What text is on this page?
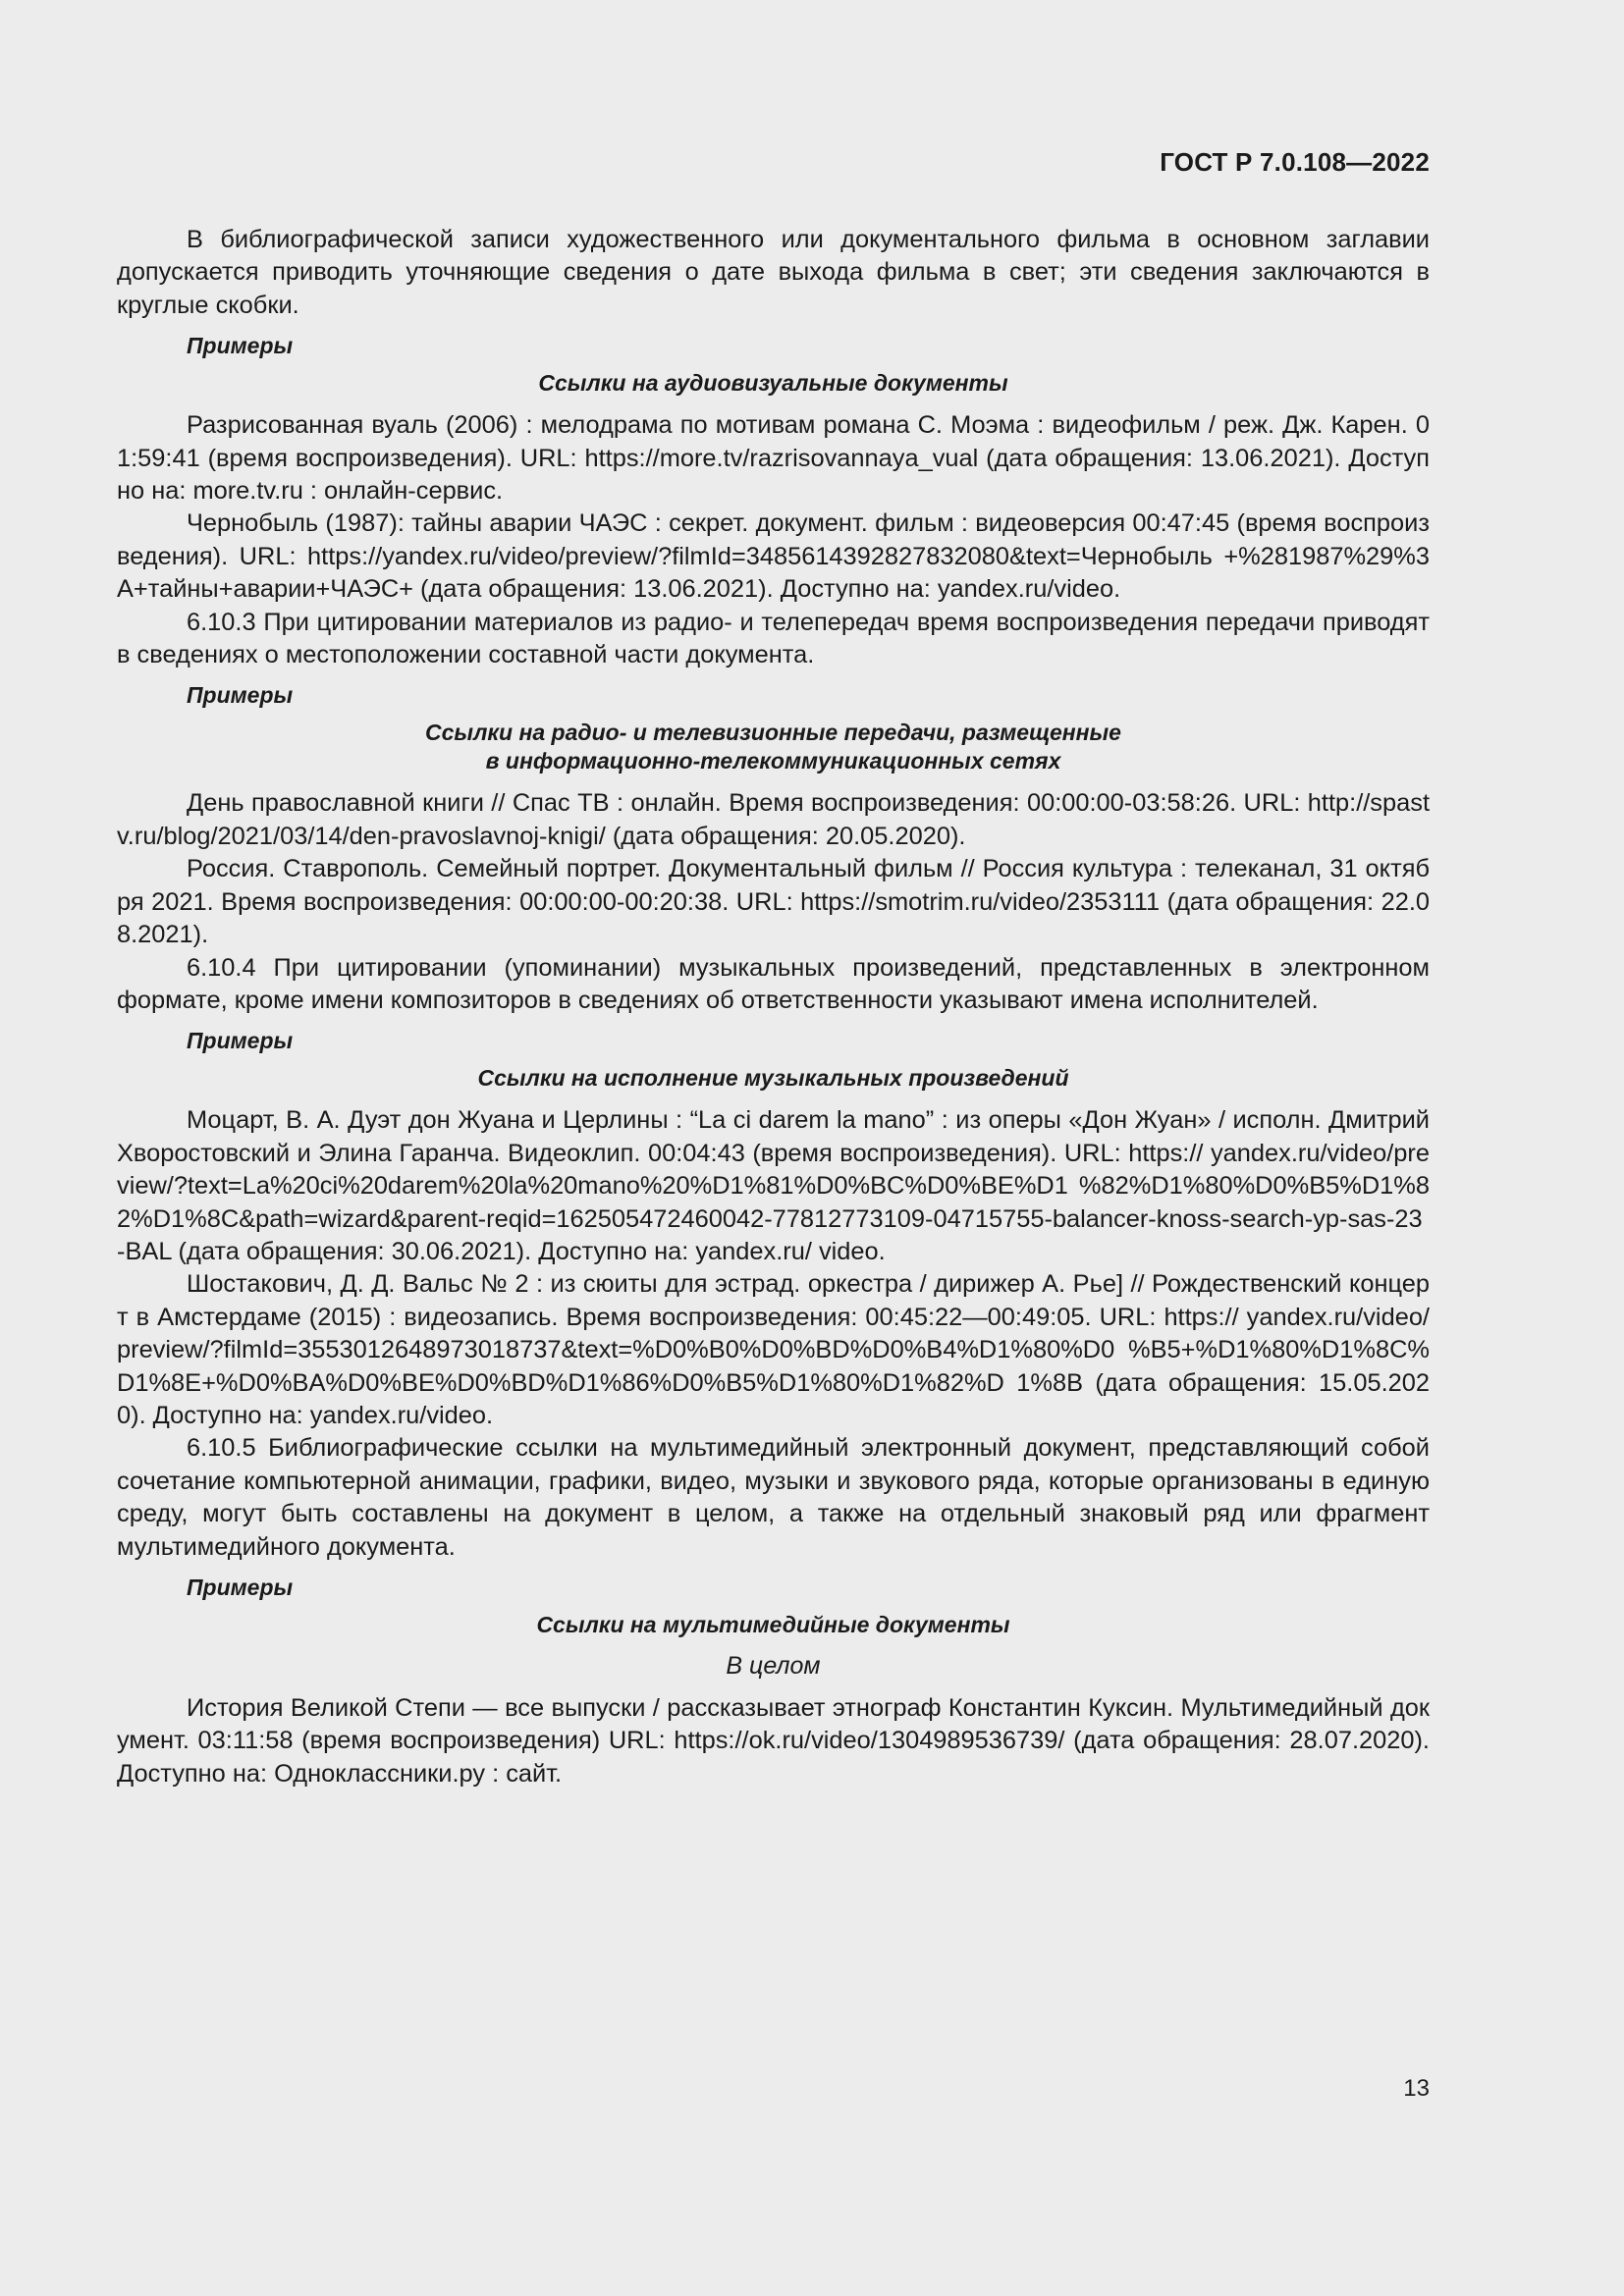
ГОСТ Р 7.0.108—2022

В библиографической записи художественного или документального фильма в основном заглавии допускается приводить уточняющие сведения о дате выхода фильма в свет; эти сведения заключаются в круглые скобки.

Примеры
Ссылки на аудиовизуальные документы

Разрисованная вуаль (2006) : мелодрама по мотивам романа С. Моэма : видеофильм / реж. Дж. Карен. 01:59:41 (время воспроизведения). URL: https://more.tv/razrisovannaya_vual (дата обращения: 13.06.2021). Доступно на: more.tv.ru : онлайн-сервис.

Чернобыль (1987): тайны аварии ЧАЭС : секрет. документ. фильм : видеоверсия 00:47:45 (время воспроизведения). URL: https://yandex.ru/video/preview/?filmId=3485614392827832080&text=Чернобыль +%281987%29%3A+тайны+аварии+ЧАЭС+ (дата обращения: 13.06.2021). Доступно на: yandex.ru/video.

6.10.3 При цитировании материалов из радио- и телепередач время воспроизведения передачи приводят в сведениях о местоположении составной части документа.

Примеры
Ссылки на радио- и телевизионные передачи, размещенные
в информационно-телекоммуникационных сетях

День православной книги // Спас ТВ : онлайн. Время воспроизведения: 00:00:00-03:58:26. URL: http://spastv.ru/blog/2021/03/14/den-pravoslavnoj-knigi/ (дата обращения: 20.05.2020).

Россия. Ставрополь. Семейный портрет. Документальный фильм // Россия культура : телеканал, 31 октября 2021. Время воспроизведения: 00:00:00-00:20:38. URL: https://smotrim.ru/video/2353111 (дата обращения: 22.08.2021).

6.10.4 При цитировании (упоминании) музыкальных произведений, представленных в электронном формате, кроме имени композиторов в сведениях об ответственности указывают имена исполнителей.

Примеры
Ссылки на исполнение музыкальных произведений

Моцарт, В. А. Дуэт дон Жуана и Церлины : “La ci darem la mano” : из оперы «Дон Жуан» / исполн. Дмитрий Хворостовский и Элина Гаранча. Видеоклип. 00:04:43 (время воспроизведения). URL: https:// yandex.ru/video/preview/?text=La%20ci%20darem%20la%20mano%20%D1%81%D0%BC%D0%BE%D1 %82%D1%80%D0%B5%D1%82%D1%8C&path=wizard&parent-reqid=162505472460042-77812773109-04715755-balancer-knoss-search-yp-sas-23-BAL (дата обращения: 30.06.2021). Доступно на: yandex.ru/ video.

Шостакович, Д. Д. Вальс № 2 : из сюиты для эстрад. оркестра / дирижер А. Рье] // Рождественский концерт в Амстердаме (2015) : видеозапись. Время воспроизведения: 00:45:22—00:49:05. URL: https:// yandex.ru/video/preview/?filmId=3553012648973018737&text=%D0%B0%D0%BD%D0%B4%D1%80%D0 %B5+%D1%80%D1%8C%D1%8E+%D0%BA%D0%BE%D0%BD%D1%86%D0%B5%D1%80%D1%82%D 1%8B (дата обращения: 15.05.2020). Доступно на: yandex.ru/video.

6.10.5 Библиографические ссылки на мультимедийный электронный документ, представляющий собой сочетание компьютерной анимации, графики, видео, музыки и звукового ряда, которые организованы в единую среду, могут быть составлены на документ в целом, а также на отдельный знаковый ряд или фрагмент мультимедийного документа.

Примеры
Ссылки на мультимедийные документы
В целом

История Великой Степи — все выпуски / рассказывает этнограф Константин Куксин. Мультимедийный документ. 03:11:58 (время воспроизведения) URL: https://ok.ru/video/1304989536739/ (дата обращения: 28.07.2020). Доступно на: Одноклассники.ру : сайт.

13
